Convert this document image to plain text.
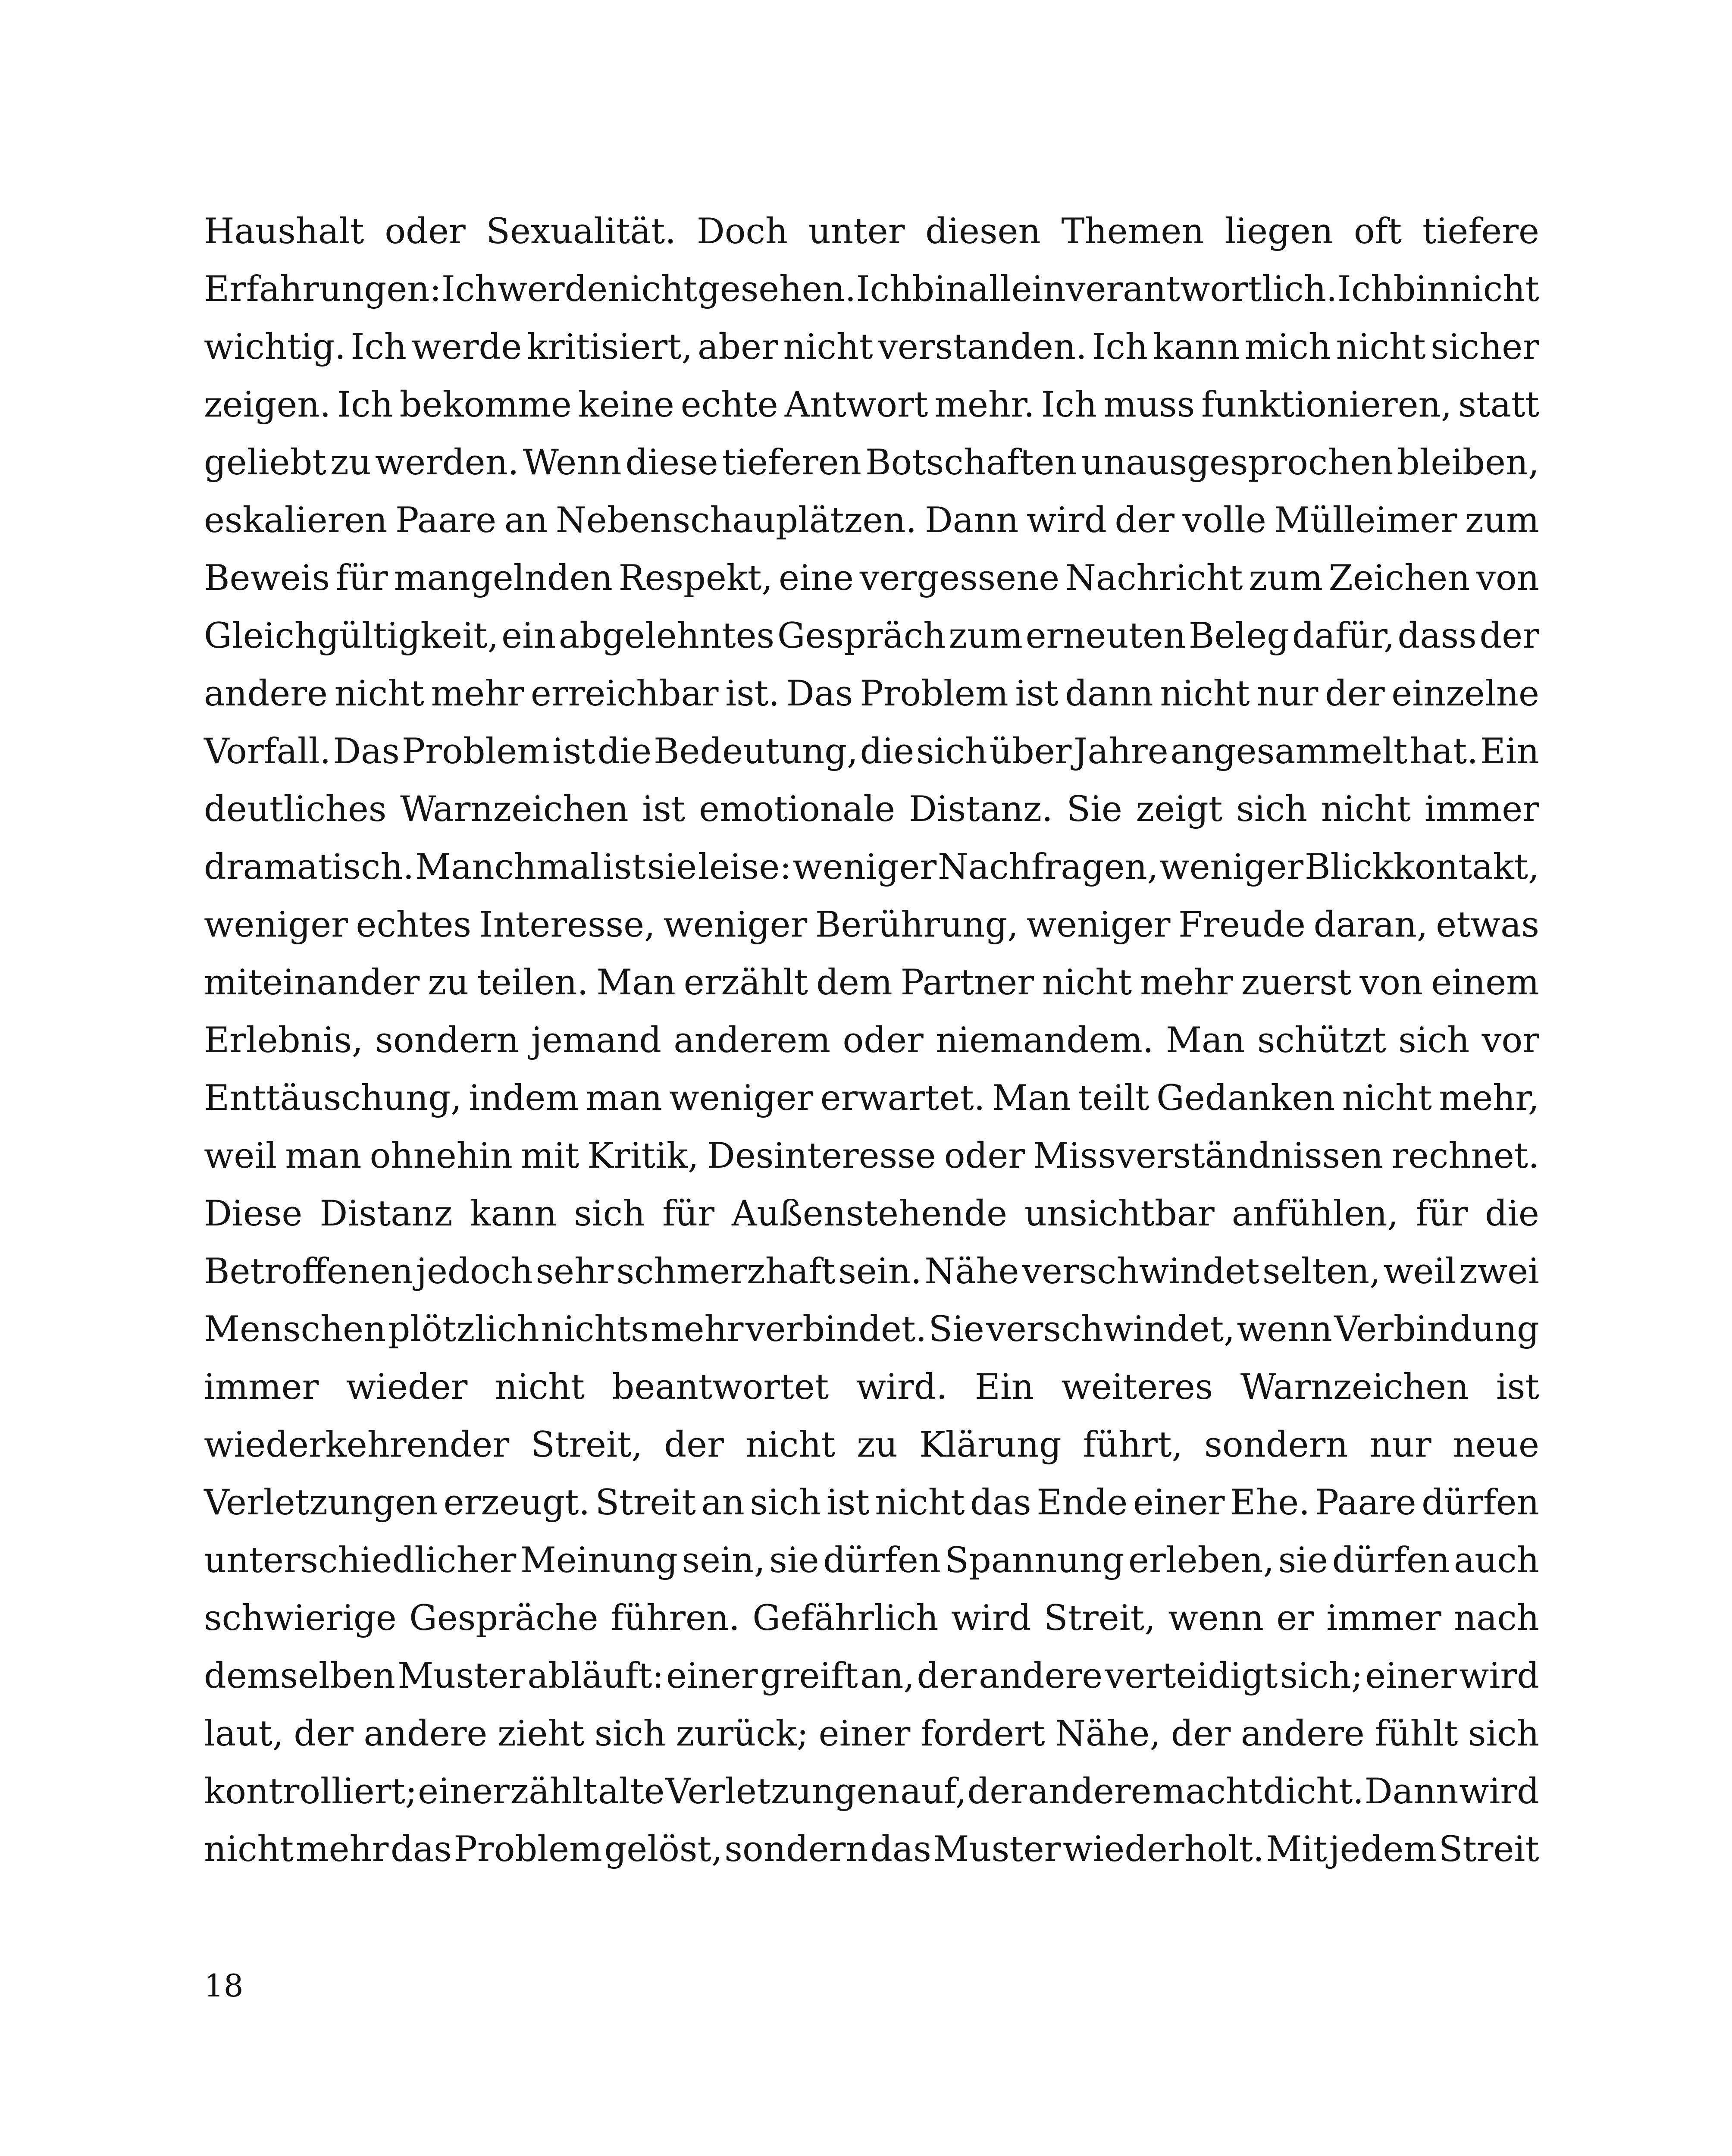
Haushalt oder Sexualität. Doch unter diesen Themen liegen oft tiefere
Erfahrungen: Ich werde nicht gesehen. Ich bin allein verantwortlich. Ich bin nicht
wichtig. Ich werde kritisiert, aber nicht verstanden. Ich kann mich nicht sicher
zeigen. Ich bekomme keine echte Antwort mehr. Ich muss funktionieren, statt
geliebt zu werden. Wenn diese tieferen Botschaften unausgesprochen bleiben,
eskalieren Paare an Nebenschauplätzen. Dann wird der volle Mülleimer zum
Beweis für mangelnden Respekt, eine vergessene Nachricht zum Zeichen von
Gleichgültigkeit, ein abgelehntes Gespräch zum erneuten Beleg dafür, dass der
andere nicht mehr erreichbar ist. Das Problem ist dann nicht nur der einzelne
Vorfall. Das Problem ist die Bedeutung, die sich über Jahre angesammelt hat. Ein
deutliches Warnzeichen ist emotionale Distanz. Sie zeigt sich nicht immer
dramatisch. Manchmal ist sie leise: weniger Nachfragen, weniger Blickkontakt,
weniger echtes Interesse, weniger Berührung, weniger Freude daran, etwas
miteinander zu teilen. Man erzählt dem Partner nicht mehr zuerst von einem
Erlebnis, sondern jemand anderem oder niemandem. Man schützt sich vor
Enttäuschung, indem man weniger erwartet. Man teilt Gedanken nicht mehr,
weil man ohnehin mit Kritik, Desinteresse oder Missverständnissen rechnet.
Diese Distanz kann sich für Außenstehende unsichtbar anfühlen, für die
Betroffenen jedoch sehr schmerzhaft sein. Nähe verschwindet selten, weil zwei
Menschen plötzlich nichts mehr verbindet. Sie verschwindet, wenn Verbindung
immer wieder nicht beantwortet wird. Ein weiteres Warnzeichen ist
wiederkehrender Streit, der nicht zu Klärung führt, sondern nur neue
Verletzungen erzeugt. Streit an sich ist nicht das Ende einer Ehe. Paare dürfen
unterschiedlicher Meinung sein, sie dürfen Spannung erleben, sie dürfen auch
schwierige Gespräche führen. Gefährlich wird Streit, wenn er immer nach
demselben Muster abläuft: einer greift an, der andere verteidigt sich; einer wird
laut, der andere zieht sich zurück; einer fordert Nähe, der andere fühlt sich
kontrolliert; einer zählt alte Verletzungen auf, der andere macht dicht. Dann wird
nicht mehr das Problem gelöst, sondern das Muster wiederholt. Mit jedem Streit
18
